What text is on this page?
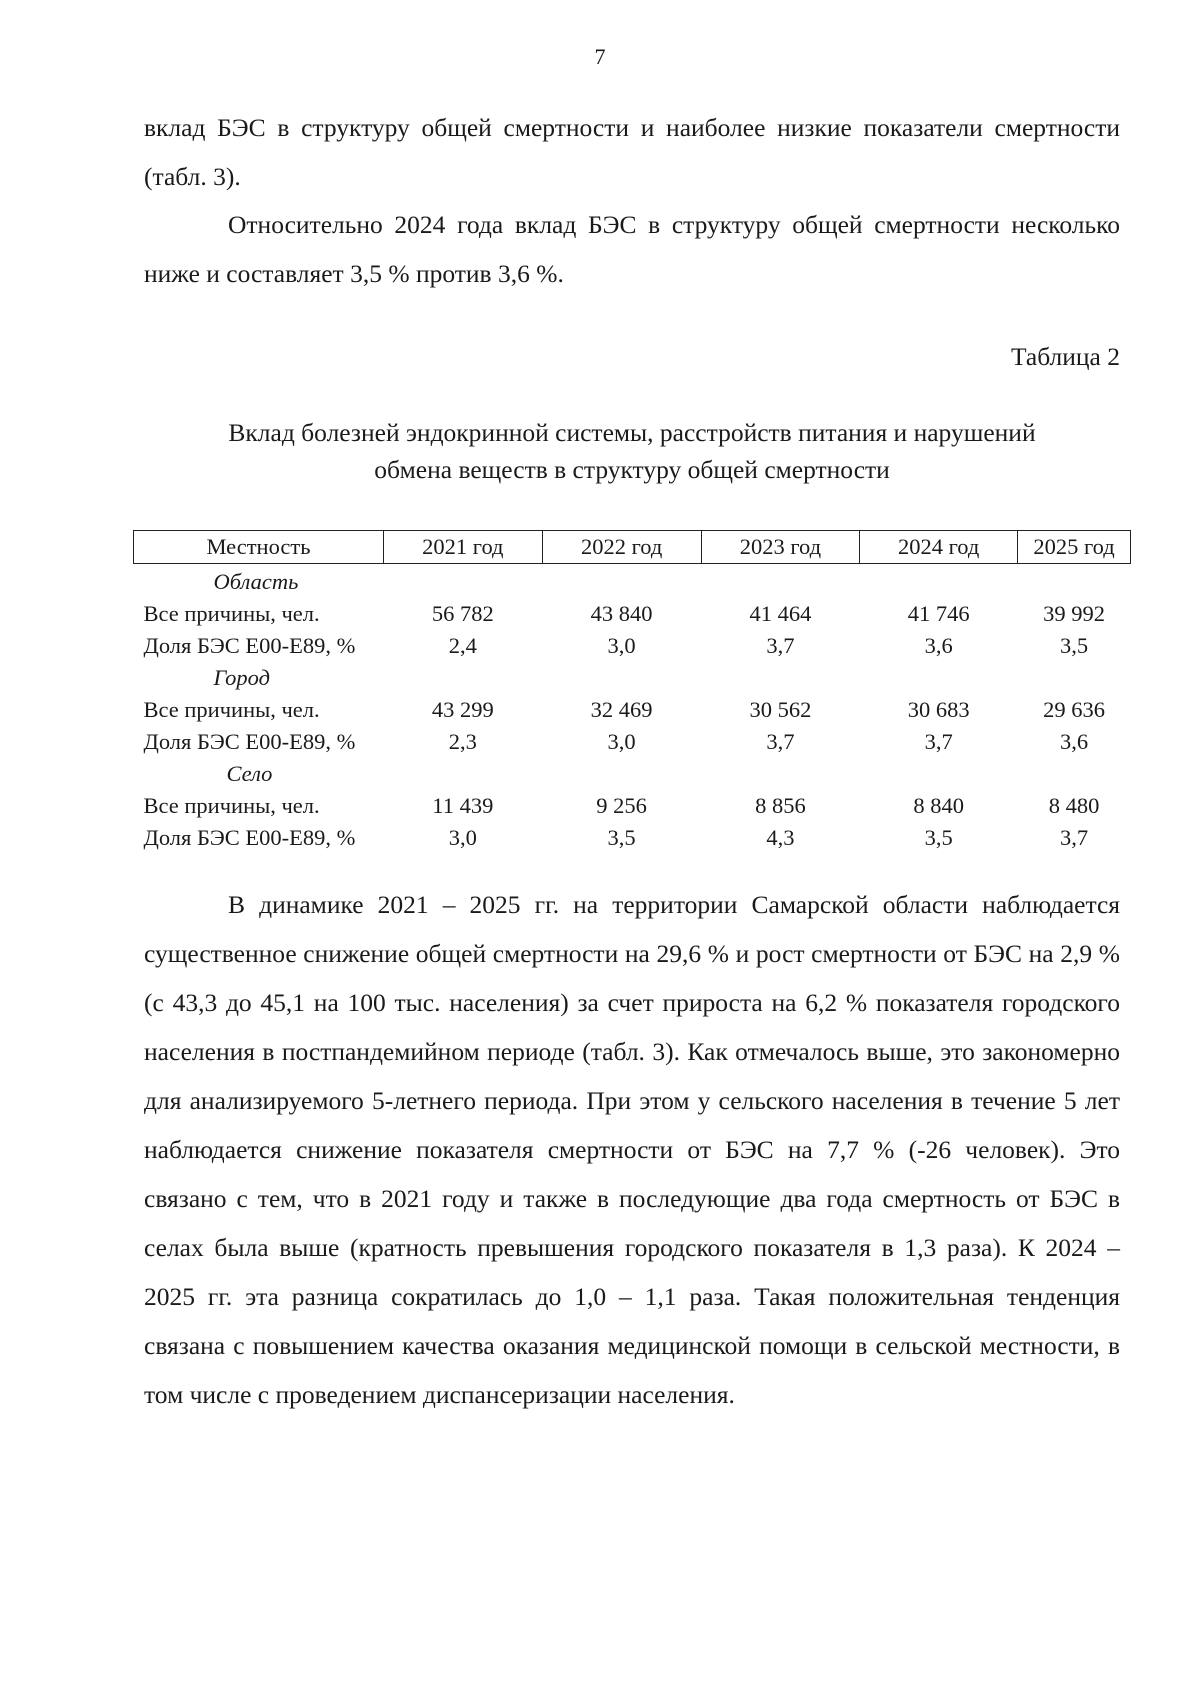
7

вклад БЭС в структуру общей смертности и наиболее низкие показатели смертности (табл. 3).

Относительно 2024 года вклад БЭС в структуру общей смертности несколько ниже и составляет 3,5 % против 3,6 %.

Таблица 2
Вклад болезней эндокринной системы, расстройств питания и нарушений
обмена веществ в структуру общей смертности
Местность	2021 год	2022 год	2023 год	2024 год	2025 год
Область					
Все причины, чел.	56 782	43 840	41 464	41 746	39 992
Доля БЭС Е00-Е89, %	2,4	3,0	3,7	3,6	3,5
Город					
Все причины, чел.	43 299	32 469	30 562	30 683	29 636
Доля БЭС Е00-Е89, %	2,3	3,0	3,7	3,7	3,6
Село					
Все причины, чел.	11 439	9 256	8 856	8 840	8 480
Доля БЭС Е00-Е89, %	3,0	3,5	4,3	3,5	3,7

В динамике 2021 – 2025 гг. на территории Самарской области наблюдается существенное снижение общей смертности на 29,6 % и рост смертности от БЭС на 2,9 % (с 43,3 до 45,1 на 100 тыс. населения) за счет прироста на 6,2 % показателя городского населения в постпандемийном периоде (табл. 3). Как отмечалось выше, это закономерно для анализируемого 5-летнего периода. При этом у сельского населения в течение 5 лет наблюдается снижение показателя смертности от БЭС на 7,7 % (-26 человек). Это связано с тем, что в 2021 году и также в последующие два года смертность от БЭС в селах была выше (кратность превышения городского показателя в 1,3 раза). К 2024 – 2025 гг. эта разница сократилась до 1,0 – 1,1 раза. Такая положительная тенденция связана с повышением качества оказания медицинской помощи в сельской местности, в том числе с проведением диспансеризации населения.
